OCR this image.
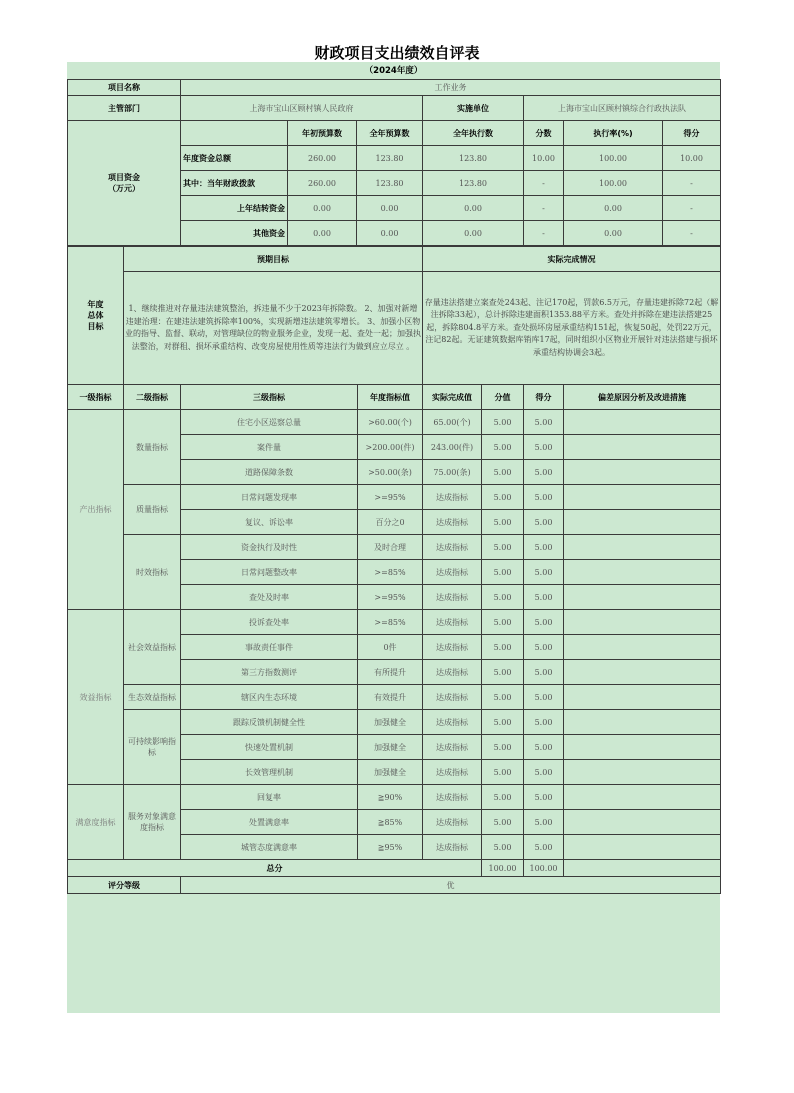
财政项目支出绩效自评表
（2024年度）
项目名称	工作业务						
主管部门	上海市宝山区顾村镇人民政府			实施单位	上海市宝山区顾村镇综合行政执法队		

项目资金
（万元）		年初预算数	全年预算数	全年执行数	分数	执行率(%)	得分
	年度资金总额	260.00	123.80	123.80	10.00	100.00	10.00
	其中：当年财政拨款	260.00	123.80	123.80	-	100.00	-
	上年结转资金	0.00	0.00	0.00	-	0.00	-
	其他资金	0.00	0.00	0.00	-	0.00	-
年度
总体
目标	预期目标	实际完成情况
	1、继续推进对存量违法建筑整治，拆违量不少于2023年拆除数。 2、加强对新增违建治理：在建违法建筑拆除率100%，实现新增违法建筑零增长。 3、加强小区物业的指导、监督、联动，对管理缺位的物业服务企业，发现一起、查处一起；加强执法整治，对群租、损坏承重结构、改变房屋使用性质等违法行为做到应立尽立 。	存量违法搭建立案查处243起、注记170起，罚款6.5万元，存量违建拆除72起（解注拆除33起），总计拆除违建面积1353.88平方米。查处并拆除在建违法搭建25起，拆除804.8平方米。查处损坏房屋承重结构151起，恢复50起，处罚22万元，注记82起。无证建筑数据库销库17起，同时组织小区物业开展针对违法搭建与损坏承重结构协调会3起。
一级指标	二级指标	三级指标	年度指标值	实际完成值	分值	得分	偏差原因分析及改进措施
产出指标	数量指标	住宅小区巡察总量	>60.00(个)	65.00(个)	5.00	5.00	
		案件量	>200.00(件)	243.00(件)	5.00	5.00	
		道路保障条数	>50.00(条)	75.00(条)	5.00	5.00	
	质量指标	日常问题发现率	>=95%	达成指标	5.00	5.00	
		复议、诉讼率	百分之0	达成指标	5.00	5.00	
	时效指标	资金执行及时性	及时合理	达成指标	5.00	5.00	
		日常问题整改率	>=85%	达成指标	5.00	5.00	
		查处及时率	>=95%	达成指标	5.00	5.00	
效益指标	社会效益指标	投诉查处率	>=85%	达成指标	5.00	5.00	
		事故责任事件	0件	达成指标	5.00	5.00	
		第三方指数测评	有所提升	达成指标	5.00	5.00	
	生态效益指标	辖区内生态环境	有效提升	达成指标	5.00	5.00	
	可持续影响指标	跟踪反馈机制健全性	加强健全	达成指标	5.00	5.00	
		快速处置机制	加强健全	达成指标	5.00	5.00	
		长效管理机制	加强健全	达成指标	5.00	5.00	
满意度指标	服务对象满意度指标	回复率	≧90%	达成指标	5.00	5.00	
		处置满意率	≧85%	达成指标	5.00	5.00	
		城管态度满意率	≧95%	达成指标	5.00	5.00	
总分					100.00	100.00	
评分等级		优					
